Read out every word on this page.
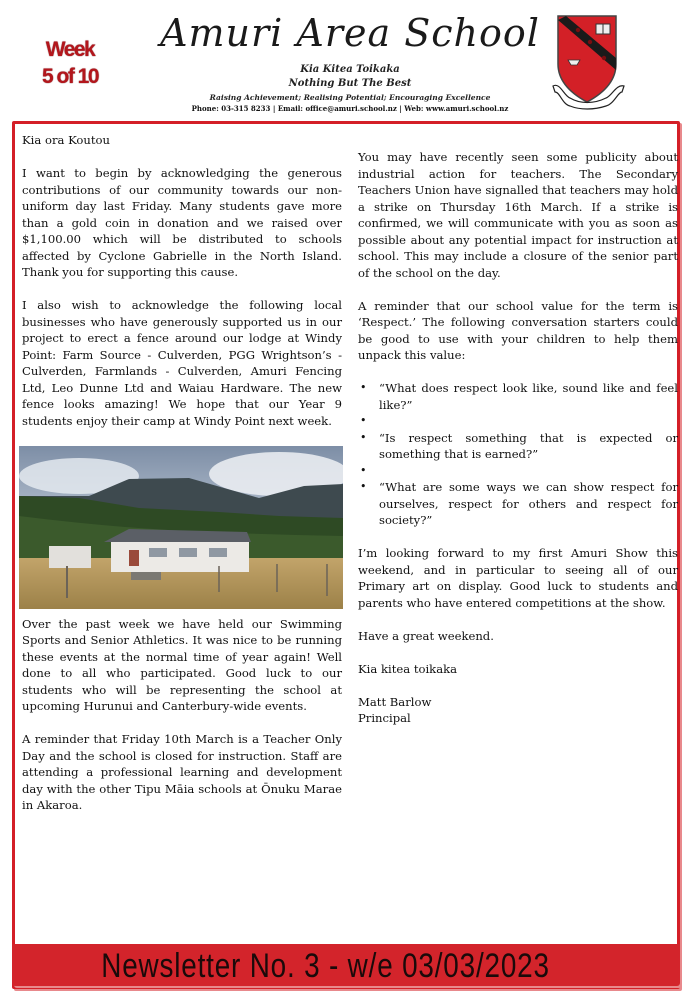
Week
5 of 10
Amuri Area School
Kia Kitea Toikaka
Nothing But The Best
Raising Achievement; Realising Potential; Encouraging Excellence
Phone: 03-315 8233 | Email: office@amuri.school.nz | Web: www.amuri.school.nz

Kia ora Koutou

I want to begin by acknowledging the generous contributions of our community towards our non-uniform day last Friday. Many students gave more than a gold coin in donation and we raised over $1,100.00 which will be distributed to schools affected by Cyclone Gabrielle in the North Island. Thank you for supporting this cause.

I also wish to acknowledge the following local businesses who have generously supported us in our project to erect a fence around our lodge at Windy Point: Farm Source - Culverden, PGG Wrightson’s - Culverden, Farmlands - Culverden, Amuri Fencing Ltd, Leo Dunne Ltd and Waiau Hardware. The new fence looks amazing! We hope that our Year 9 students enjoy their camp at Windy Point next week.

Over the past week we have held our Swimming Sports and Senior Athletics. It was nice to be running these events at the normal time of year again! Well done to all who participated. Good luck to our students who will be representing the school at upcoming Hurunui and Canterbury-wide events.

A reminder that Friday 10th March is a Teacher Only Day and the school is closed for instruction. Staff are attending a professional learning and development day with the other Tipu Māia schools at Ōnuku Marae in Akaroa.

You may have recently seen some publicity about industrial action for teachers. The Secondary Teachers Union have signalled that teachers may hold a strike on Thursday 16th March. If a strike is confirmed, we will communicate with you as soon as possible about any potential impact for instruction at school. This may include a closure of the senior part of the school on the day.

A reminder that our school value for the term is ‘Respect.’ The following conversation starters could be good to use with your children to help them unpack this value:

• “What does respect look like, sound like and feel like?”
•
• “Is respect something that is expected or something that is earned?”
•
• “What are some ways we can show respect for ourselves, respect for others and respect for society?”

I’m looking forward to my first Amuri Show this weekend, and in particular to seeing all of our Primary art on display. Good luck to students and parents who have entered competitions at the show.

Have a great weekend.

Kia kitea toikaka

Matt Barlow

Principal

Newsletter No. 3 - w/e 03/03/2023
